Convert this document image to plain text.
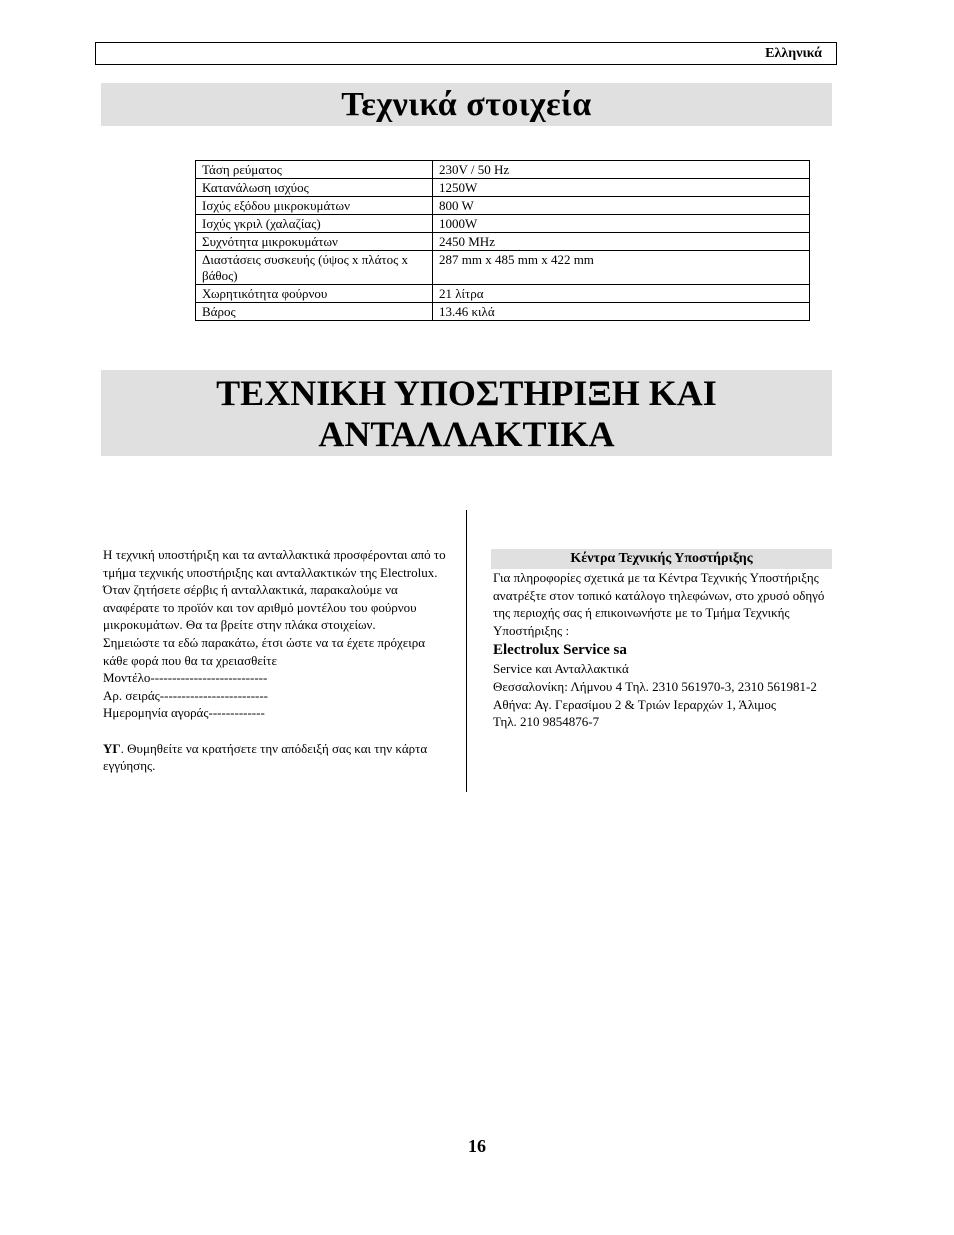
Ελληνικά
Τεχνικά στοιχεία
Τάση ρεύματος	230V / 50 Hz
Κατανάλωση ισχύος	1250W
Ισχύς εξόδου μικροκυμάτων	800 W
Ισχύς γκριλ (χαλαζίας)	1000W
Συχνότητα μικροκυμάτων	2450 MHz
Διαστάσεις συσκευής (ύψος x πλάτος x βάθος)	287 mm x 485 mm x 422 mm
Χωρητικότητα φούρνου	21 λίτρα
Βάρος	13.46 κιλά
ΤΕΧΝΙΚΗ ΥΠΟΣΤΗΡΙΞΗ ΚΑΙ
ΑΝΤΑΛΛΑΚΤΙΚΑ

Η τεχνική υποστήριξη και τα ανταλλακτικά προσφέρονται από το τμήμα τεχνικής υποστήριξης και ανταλλακτικών της Electrolux. Όταν ζητήσετε σέρβις ή ανταλλακτικά, παρακαλούμε να αναφέρατε το προϊόν και τον αριθμό μοντέλου του φούρνου μικροκυμάτων. Θα τα βρείτε στην πλάκα στοιχείων.

Σημειώστε τα εδώ παρακάτω, έτσι ώστε να τα έχετε πρόχειρα κάθε φορά που θα τα χρειασθείτε

Μοντέλο---------------------------

Αρ. σειράς-------------------------

Ημερομηνία αγοράς-------------

ΥΓ. Θυμηθείτε να κρατήσετε την απόδειξή σας και την κάρτα εγγύησης.

Κέντρα Τεχνικής Υποστήριξης

Για πληροφορίες σχετικά με τα Κέντρα Τεχνικής Υποστήριξης ανατρέξτε στον τοπικό κατάλογο τηλεφώνων, στο χρυσό οδηγό της περιοχής σας ή επικοινωνήστε με το Τμήμα Τεχνικής Υποστήριξης :

Electrolux Service sa

Service και Ανταλλακτικά

Θεσσαλονίκη: Λήμνου 4 Τηλ. 2310 561970-3, 2310 561981-2

Αθήνα: Αγ. Γερασίμου 2 & Τριών Ιεραρχών 1, Άλιμος

Τηλ. 210 9854876-7

16
